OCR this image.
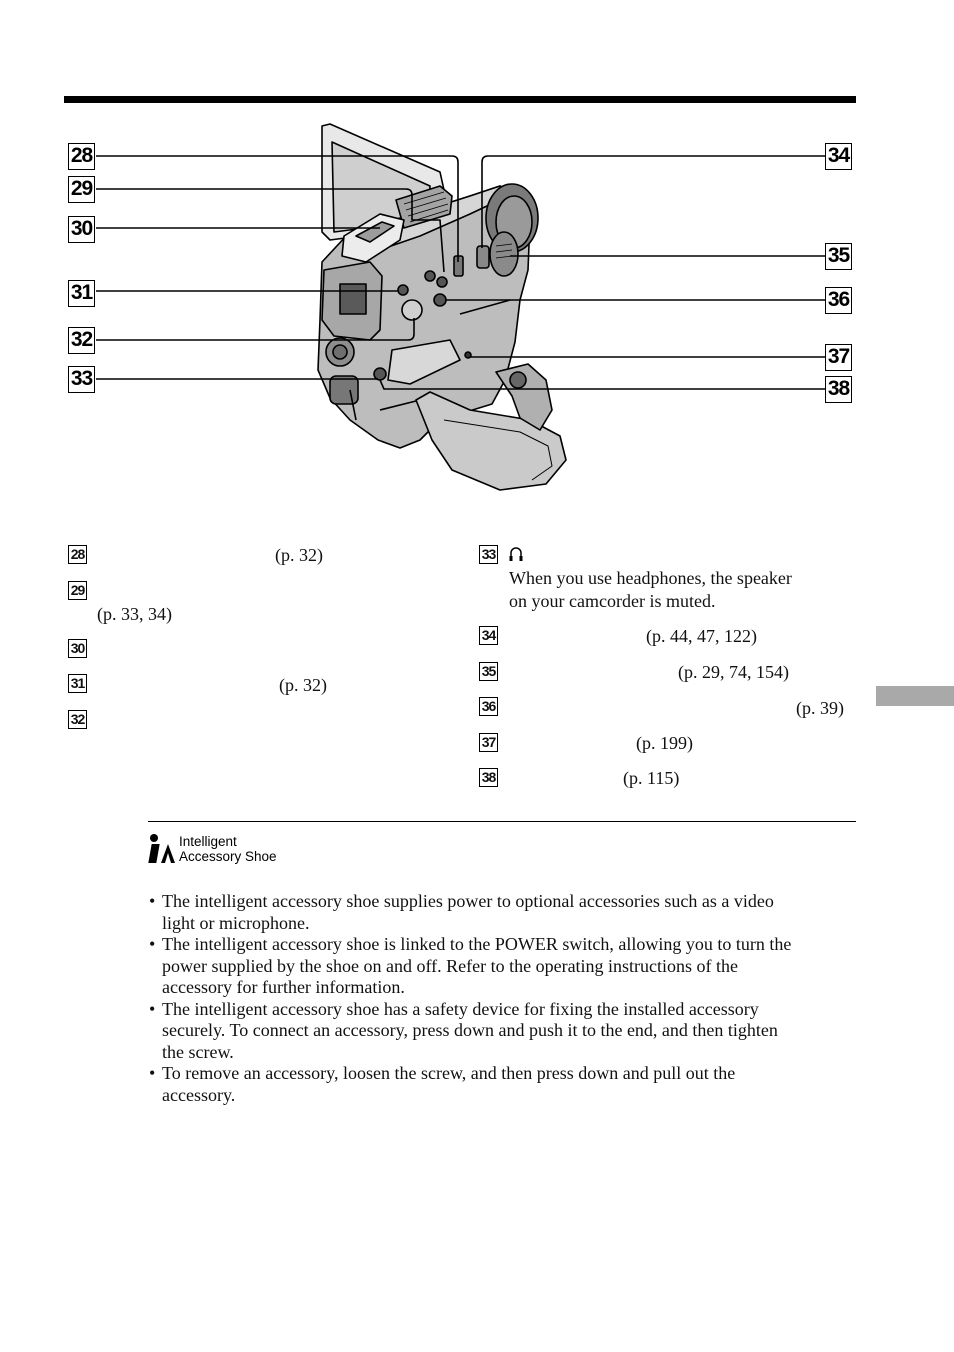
28
29
30
31
32
33
34
35
36
37
38
28	(p. 32)
29
(p. 33, 34)
30
31	(p. 32)
32
33
When you use headphones, the speaker
on your camcorder is muted.
34	(p. 44, 47, 122)
35	(p. 29, 74, 154)
36	(p. 39)
37	(p. 199)
38	(p. 115)
Intelligent
Accessory Shoe
• The intelligent accessory shoe supplies power to optional accessories such as a video
light or microphone.
• The intelligent accessory shoe is linked to the POWER switch, allowing you to turn the
power supplied by the shoe on and off. Refer to the operating instructions of the
accessory for further information.
• The intelligent accessory shoe has a safety device for fixing the installed accessory
securely. To connect an accessory, press down and push it to the end, and then tighten
the screw.
• To remove an accessory, loosen the screw, and then press down and pull out the
accessory.
